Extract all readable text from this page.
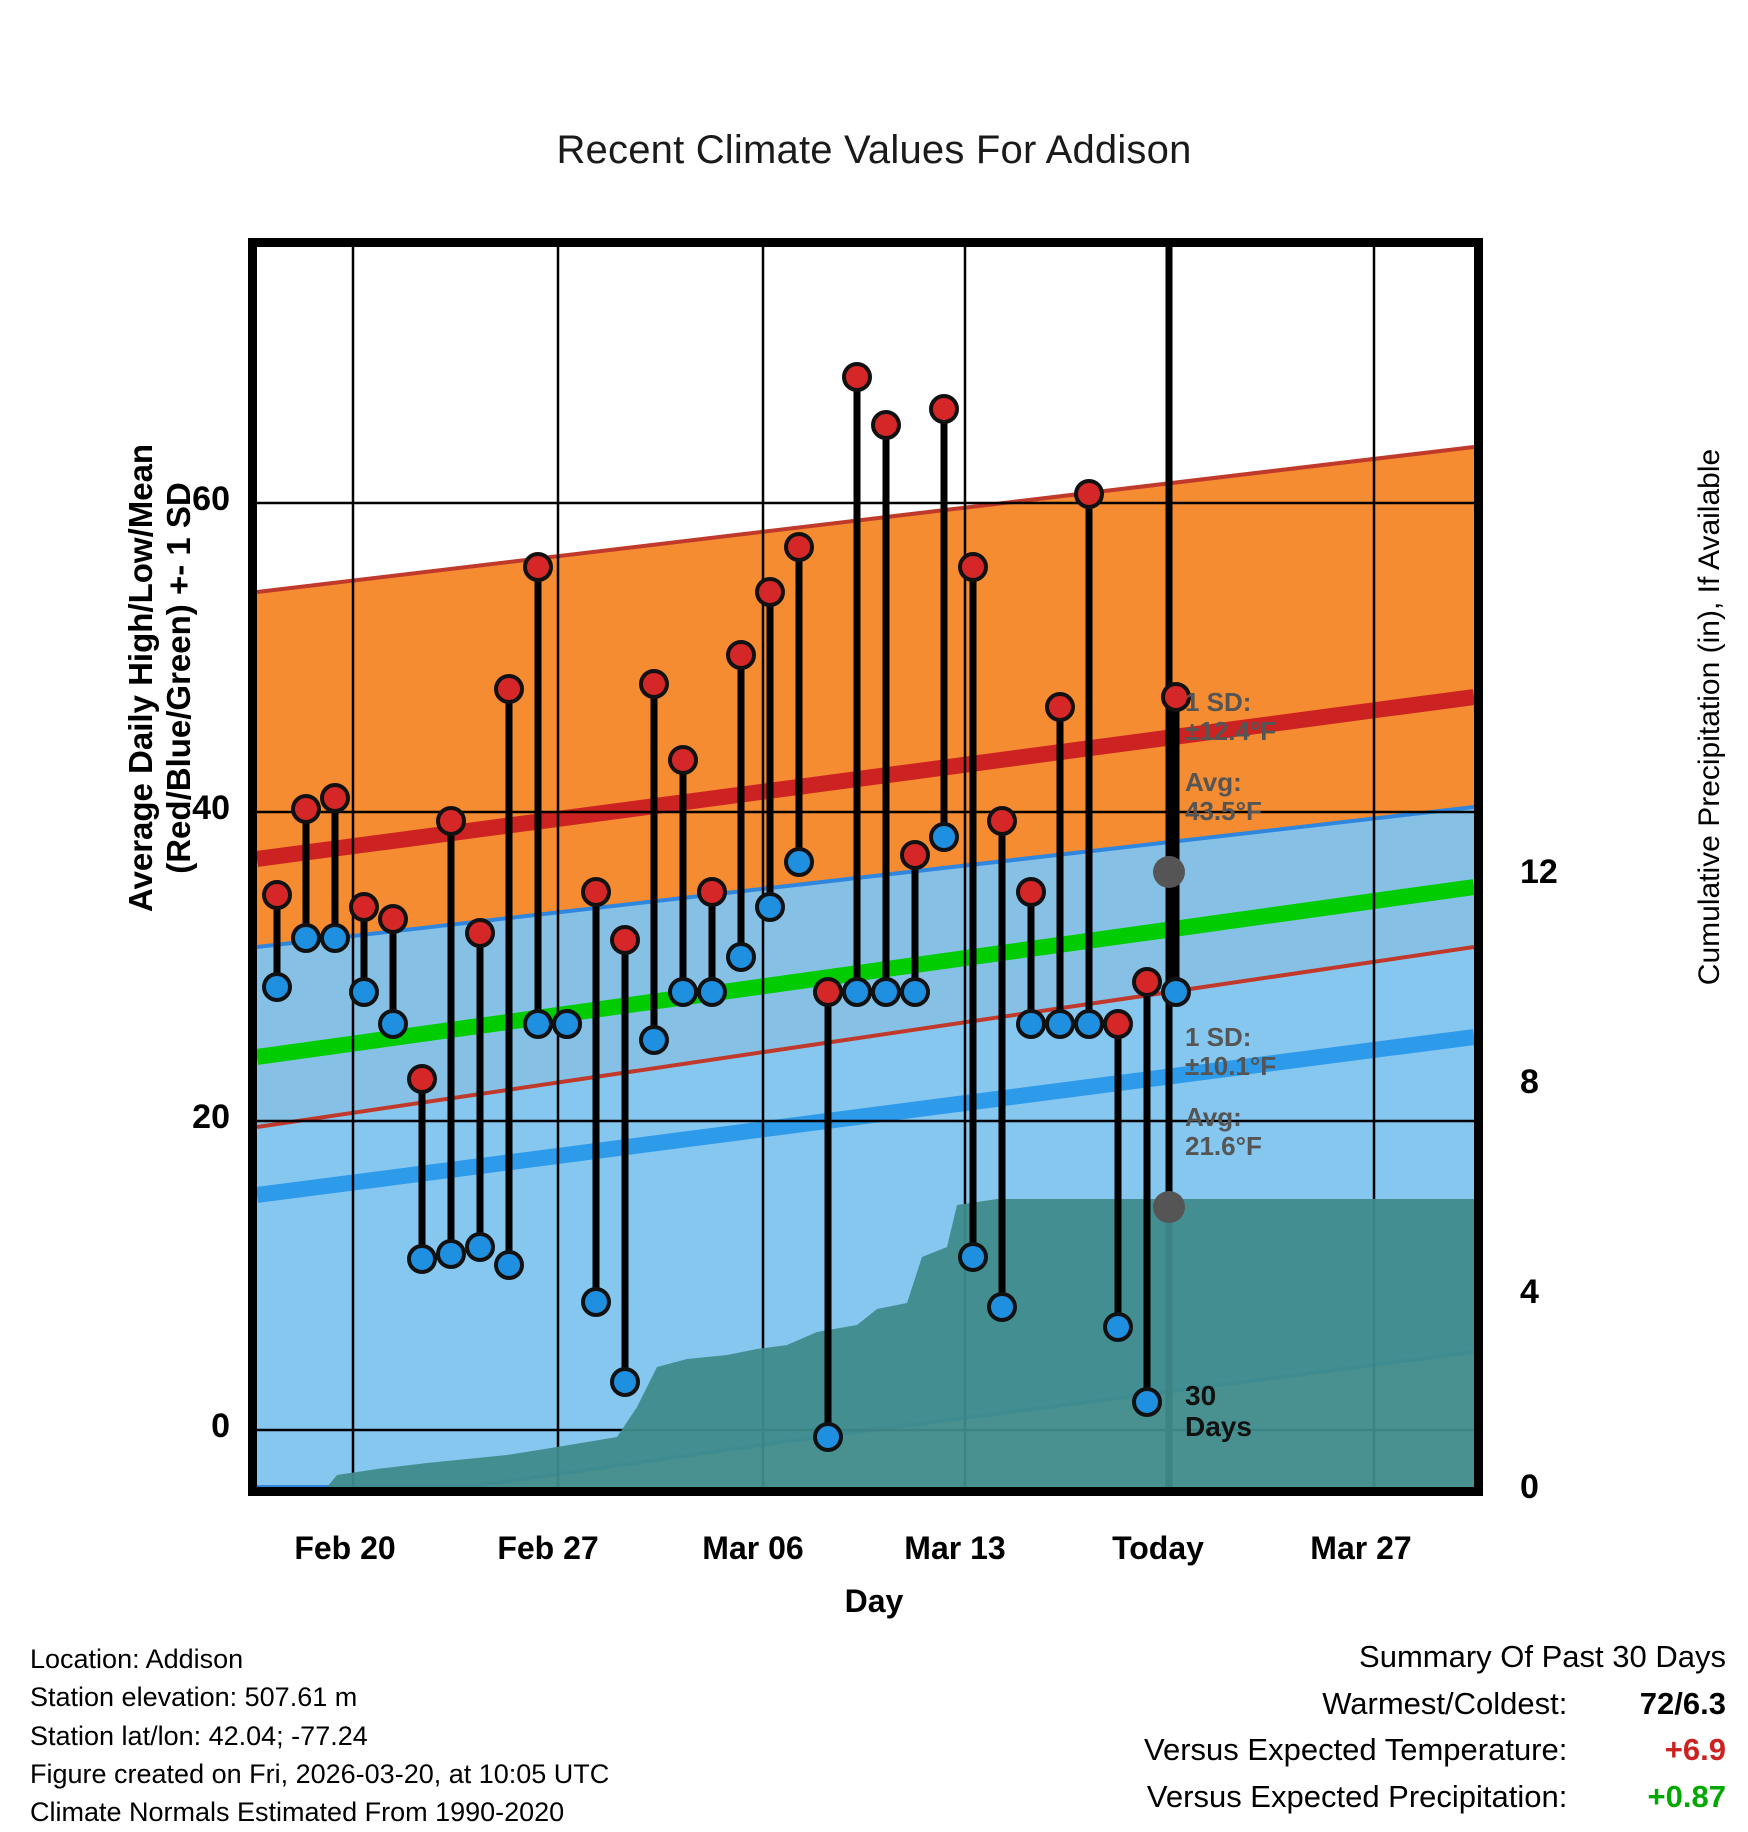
Recent Climate Values For Addison
Average Daily High/Low/Mean (Red/Blue/Green) +- 1 SD	Cumulative Precipitation (in), If Available
Day
60
40
20
0
12
8
4
0
Feb 20	Feb 27	Mar 06	Mar 13	Today	Mar 27
1 SD:
±12.4°F
Avg:
43.5°F
1 SD:
±10.1°F
Avg:
21.6°F
30
Days
Location: Addison
Station elevation: 507.61 m
Station lat/lon: 42.04; -77.24
Figure created on Fri, 2026-03-20, at 10:05 UTC
Climate Normals Estimated From 1990-2020
Summary Of Past 30 Days
Warmest/Coldest: 72/6.3
Versus Expected Temperature:	+6.9
Versus Expected Precipitation:	+0.87
